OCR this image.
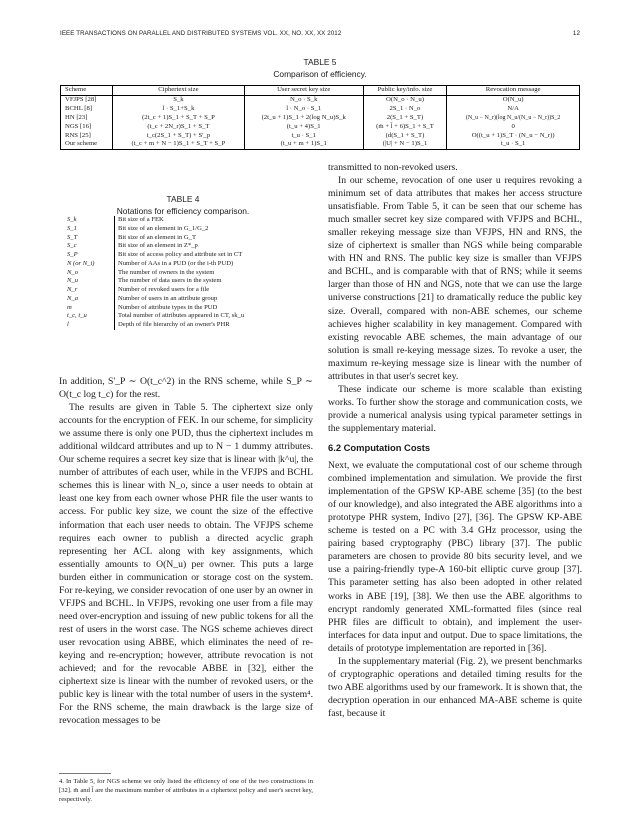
IEEE TRANSACTIONS ON PARALLEL AND DISTRIBUTED SYSTEMS VOL. XX, NO. XX, XX 2012	12
TABLE 5
Comparison of efficiency.
Scheme	Ciphertext size	User secret key size	Public key/info. size	Revocation message
VFJPS [28]	S_k	N_o · S_k	O(N_o · N_u)	O(N_u)
BCHL [8]	l · S_1+S_k	l · N_o · S_1	2S_1 · N_o	N/A
HN [23]	(2t_c + 1)S_1 + S_T + S_P	(2t_u + 1)S_1 + 2(log N_u)S_k	2(S_1 + S_T)	(N_u − N_r)(log N_u/(N_u − N_r))S_2
NGS [16]	(t_c + 2N_r)S_1 + S_T	(t_u + 4)S_1	(m̄ + l̄ + 6)S_1 + S_T	0
RNS [25]	t_c(2S_1 + S_T) + S'_p	t_u · S_1	(d(S_1 + S_T)	O((t_u + 1)S_T · (N_u − N_r))
Our scheme	(t_c + m + N − 1)S_1 + S_T + S_P	(t_u + m + 1)S_1	(|U| + N − 1)S_1	t_u · S_1
TABLE 4
Notations for efficiency comparison.
S_k	Bit size of a FEK
S_1	Bit size of an element in G_1/G_2
S_T	Bit size of an element in G_T
S_c	Bit size of an element in Z*_p
S_P	Bit size of access policy and attribute set in CT
N (or N_i)	Number of AAs in a PUD (or the i-th PUD)
N_o	The number of owners in the system
N_u	The number of data users in the system
N_r	Number of revoked users for a file
N_a	Number of users in an attribute group
m	Number of attribute types in the PUD
t_c, t_u	Total number of attributes appeared in CT, sk_u
l	Depth of file hierarchy of an owner's PHR

In addition, S'_P ∼ O(t_c^2) in the RNS scheme, while S_P ∼ O(t_c log t_c) for the rest.

The results are given in Table 5. The ciphertext size only accounts for the encryption of FEK. In our scheme, for simplicity we assume there is only one PUD, thus the ciphertext includes m additional wildcard attributes and up to N − 1 dummy attributes. Our scheme requires a secret key size that is linear with |k^u|, the number of attributes of each user, while in the VFJPS and BCHL schemes this is linear with N_o, since a user needs to obtain at least one key from each owner whose PHR file the user wants to access. For public key size, we count the size of the effective information that each user needs to obtain. The VFJPS scheme requires each owner to publish a directed acyclic graph representing her ACL along with key assignments, which essentially amounts to O(N_u) per owner. This puts a large burden either in communication or storage cost on the system. For re-keying, we consider revocation of one user by an owner in VFJPS and BCHL. In VFJPS, revoking one user from a file may need over-encryption and issuing of new public tokens for all the rest of users in the worst case. The NGS scheme achieves direct user revocation using ABBE, which eliminates the need of re-keying and re-encryption; however, attribute revocation is not achieved; and for the revocable ABBE in [32], either the ciphertext size is linear with the number of revoked users, or the public key is linear with the total number of users in the system⁴. For the RNS scheme, the main drawback is the large size of revocation messages to be

4. In Table 5, for NGS scheme we only listed the efficiency of one of the two constructions in [32]. m̄ and l̄ are the maximum number of attributes in a ciphertext policy and user's secret key, respectively.

transmitted to non-revoked users.

In our scheme, revocation of one user u requires revoking a minimum set of data attributes that makes her access structure unsatisfiable. From Table 5, it can be seen that our scheme has much smaller secret key size compared with VFJPS and BCHL, smaller rekeying message size than VFJPS, HN and RNS, the size of ciphertext is smaller than NGS while being comparable with HN and RNS. The public key size is smaller than VFJPS and BCHL, and is comparable with that of RNS; while it seems larger than those of HN and NGS, note that we can use the large universe constructions [21] to dramatically reduce the public key size. Overall, compared with non-ABE schemes, our scheme achieves higher scalability in key management. Compared with existing revocable ABE schemes, the main advantage of our solution is small re-keying message sizes. To revoke a user, the maximum re-keying message size is linear with the number of attributes in that user's secret key.

These indicate our scheme is more scalable than existing works. To further show the storage and communication costs, we provide a numerical analysis using typical parameter settings in the supplementary material.

6.2 Computation Costs

Next, we evaluate the computational cost of our scheme through combined implementation and simulation. We provide the first implementation of the GPSW KP-ABE scheme [35] (to the best of our knowledge), and also integrated the ABE algorithms into a prototype PHR system, Indivo [27], [36]. The GPSW KP-ABE scheme is tested on a PC with 3.4 GHz processor, using the pairing based cryptography (PBC) library [37]. The public parameters are chosen to provide 80 bits security level, and we use a pairing-friendly type-A 160-bit elliptic curve group [37]. This parameter setting has also been adopted in other related works in ABE [19], [38]. We then use the ABE algorithms to encrypt randomly generated XML-formatted files (since real PHR files are difficult to obtain), and implement the user-interfaces for data input and output. Due to space limitations, the details of prototype implementation are reported in [36].

In the supplementary material (Fig. 2), we present benchmarks of cryptographic operations and detailed timing results for the two ABE algorithms used by our framework. It is shown that, the decryption operation in our enhanced MA-ABE scheme is quite fast, because it
